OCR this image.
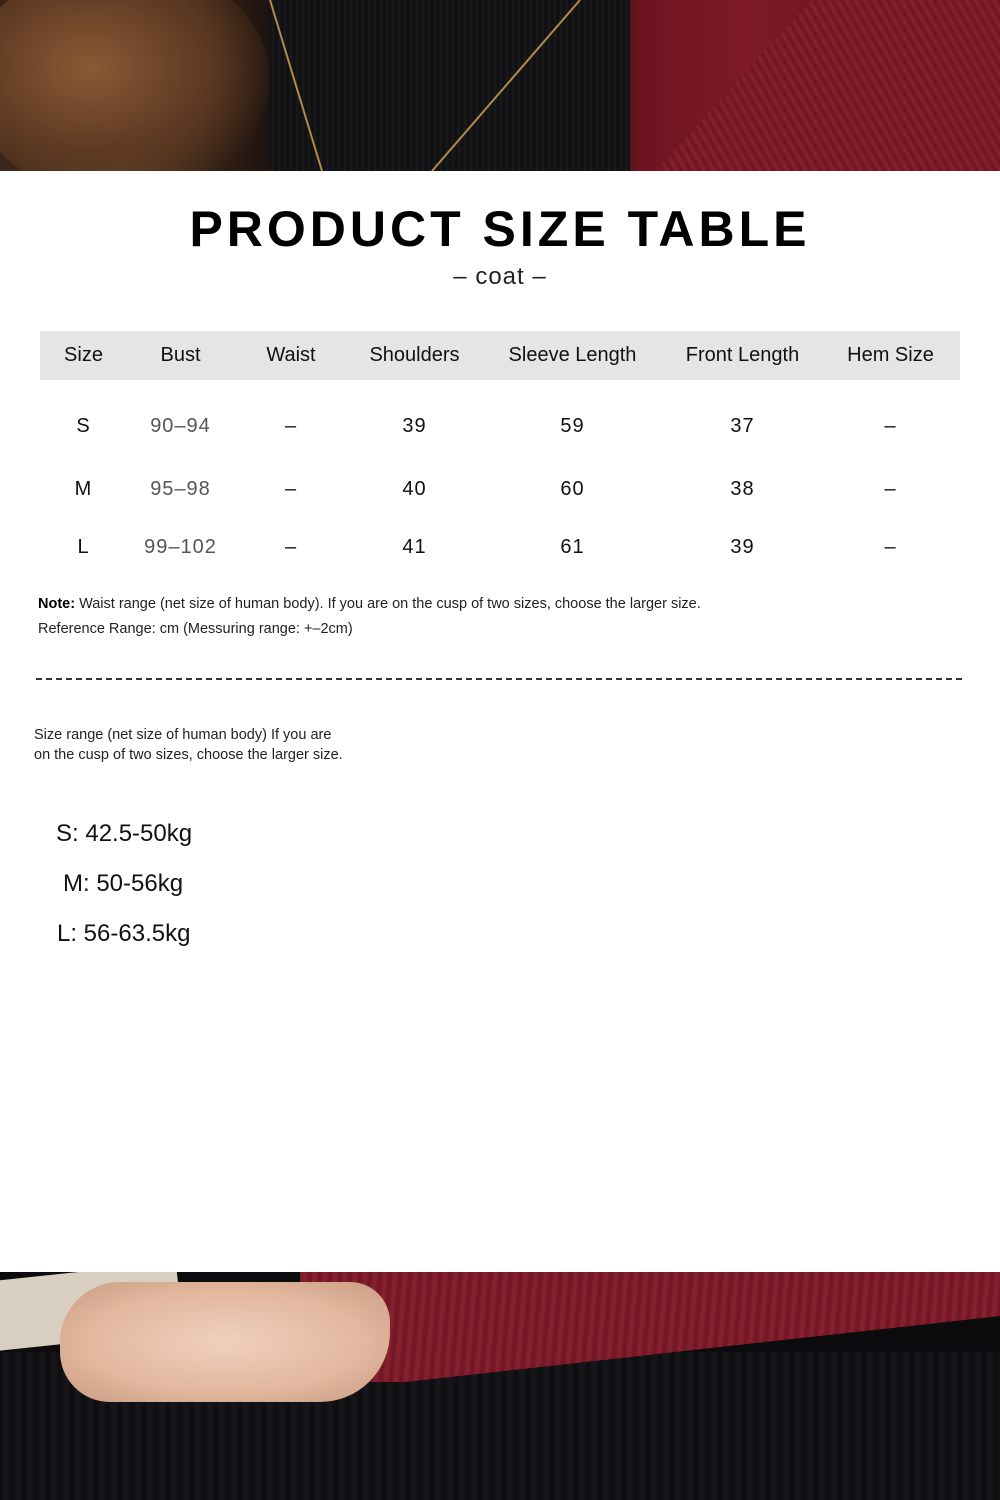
PRODUCT SIZE TABLE
– coat –
Size	Bust	Waist	Shoulders	Sleeve Length	Front Length	Hem Size
S	90–94	–	39	59	37	–
M	95–98	–	40	60	38	–
L	99–102	–	41	61	39	–
Note: Waist range (net size of human body). If you are on the cusp of two sizes, choose the larger size.
Reference Range: cm (Messuring range: +–2cm)
Size range (net size of human body) If you are
on the cusp of two sizes, choose the larger size.
S: 42.5-50kg
M: 50-56kg
L: 56-63.5kg
